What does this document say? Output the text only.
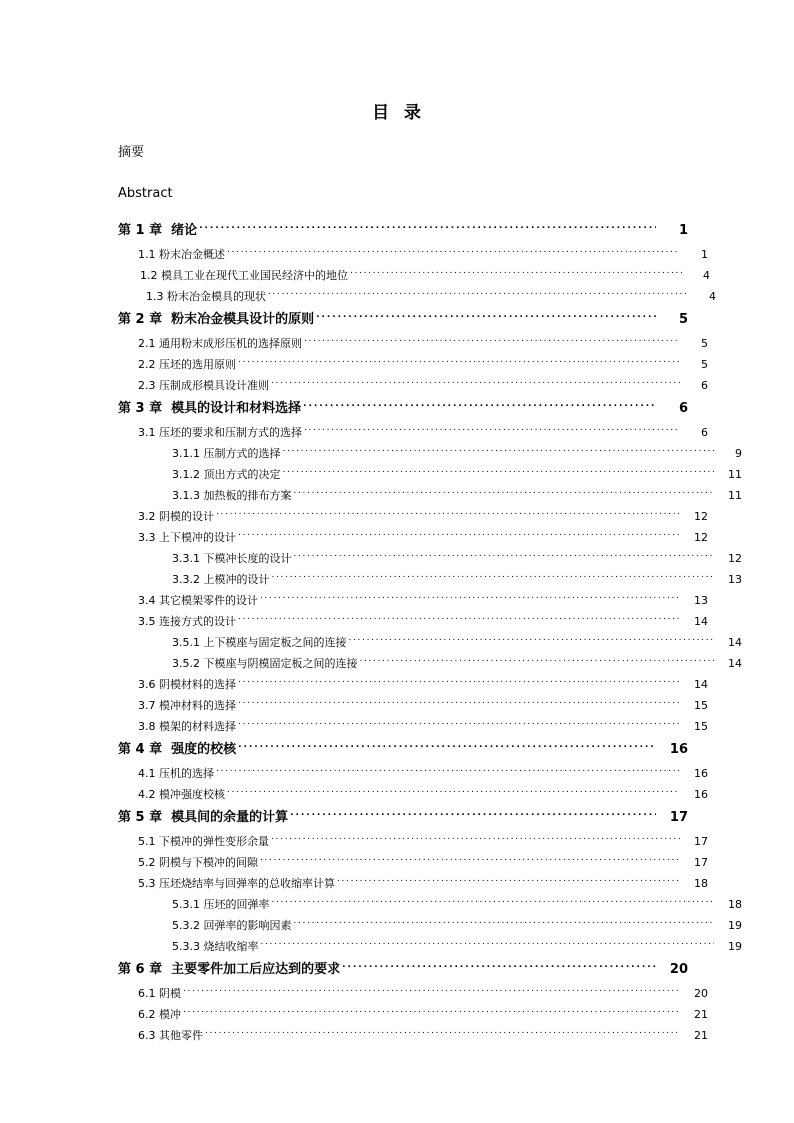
目  录
摘要
Abstract
第 1 章  绪论 . . .	1
1.1 粉末冶金概述 . . .	1
1.2 模具工业在现代工业国民经济中的地位 . . .	4
1.3 粉末冶金模具的现状 . . .	4
第 2 章  粉末冶金模具设计的原则 . . .	5
2.1 通用粉末成形压机的选择原则 . . .	5
2.2 压坯的选用原则 . . .	5
2.3 压制成形模具设计准则 . . .	6
第 3 章  模具的设计和材料选择 . . .	6
3.1 压坯的要求和压制方式的选择 . . .	6
3.1.1 压制方式的选择 . . .	9
3.1.2 顶出方式的决定 . . .	11
3.1.3 加热板的排布方案 . . .	11
3.2 阴模的设计 . . .	12
3.3 上下模冲的设计 . . .	12
3.3.1 下模冲长度的设计 . . .	12
3.3.2 上模冲的设计 . . .	13
3.4 其它模架零件的设计 . . .	13
3.5 连接方式的设计 . . .	14
3.5.1 上下模座与固定板之间的连接 . . .	14
3.5.2 下模座与阴模固定板之间的连接 . . .	14
3.6 阴模材料的选择 . . .	14
3.7 模冲材料的选择 . . .	15
3.8 模架的材料选择 . . .	15
第 4 章  强度的校核 . . .	16
4.1 压机的选择 . . .	16
4.2 模冲强度校核 . . .	16
第 5 章  模具间的余量的计算 . . .	17
5.1 下模冲的弹性变形余量 . . .	17
5.2 阴模与下模冲的间隙 . . .	17
5.3 压坯烧结率与回弹率的总收缩率计算 . . .	18
5.3.1 压坯的回弹率 . . .	18
5.3.2 回弹率的影响因素 . . .	19
5.3.3 烧结收缩率 . . .	19
第 6 章  主要零件加工后应达到的要求 . . .	20
6.1 阴模 . . .	20
6.2 模冲 . . .	21
6.3 其他零件 . . .	21
